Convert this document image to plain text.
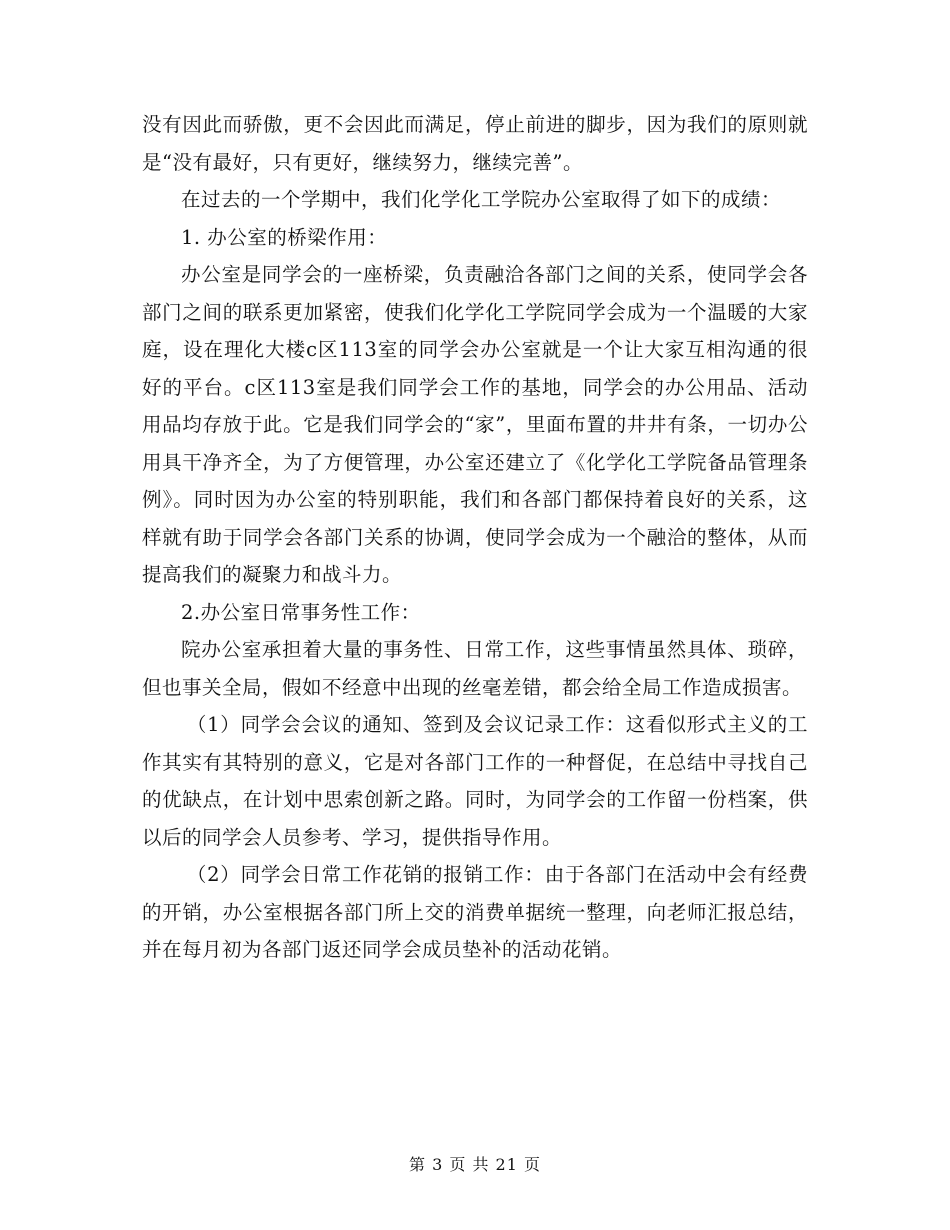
没有因此而骄傲，更不会因此而满足，停止前进的脚步，因为我们的原则就是“没有最好，只有更好，继续努力，继续完善”。

在过去的一个学期中，我们化学化工学院办公室取得了如下的成绩：

1. 办公室的桥梁作用：

办公室是同学会的一座桥梁，负责融洽各部门之间的关系，使同学会各部门之间的联系更加紧密，使我们化学化工学院同学会成为一个温暖的大家庭，设在理化大楼c区113室的同学会办公室就是一个让大家互相沟通的很好的平台。c区113室是我们同学会工作的基地，同学会的办公用品、活动用品均存放于此。它是我们同学会的“家”，里面布置的井井有条，一切办公用具干净齐全，为了方便管理，办公室还建立了《化学化工学院备品管理条例》。同时因为办公室的特别职能，我们和各部门都保持着良好的关系，这样就有助于同学会各部门关系的协调，使同学会成为一个融洽的整体，从而提高我们的凝聚力和战斗力。

2.办公室日常事务性工作：

院办公室承担着大量的事务性、日常工作，这些事情虽然具体、琐碎，但也事关全局，假如不经意中出现的丝毫差错，都会给全局工作造成损害。

（1）同学会会议的通知、签到及会议记录工作：这看似形式主义的工作其实有其特别的意义，它是对各部门工作的一种督促，在总结中寻找自己的优缺点，在计划中思索创新之路。同时，为同学会的工作留一份档案，供以后的同学会人员参考、学习，提供指导作用。

（2）同学会日常工作花销的报销工作：由于各部门在活动中会有经费的开销，办公室根据各部门所上交的消费单据统一整理，向老师汇报总结，并在每月初为各部门返还同学会成员垫补的活动花销。

第 3 页 共 21 页
